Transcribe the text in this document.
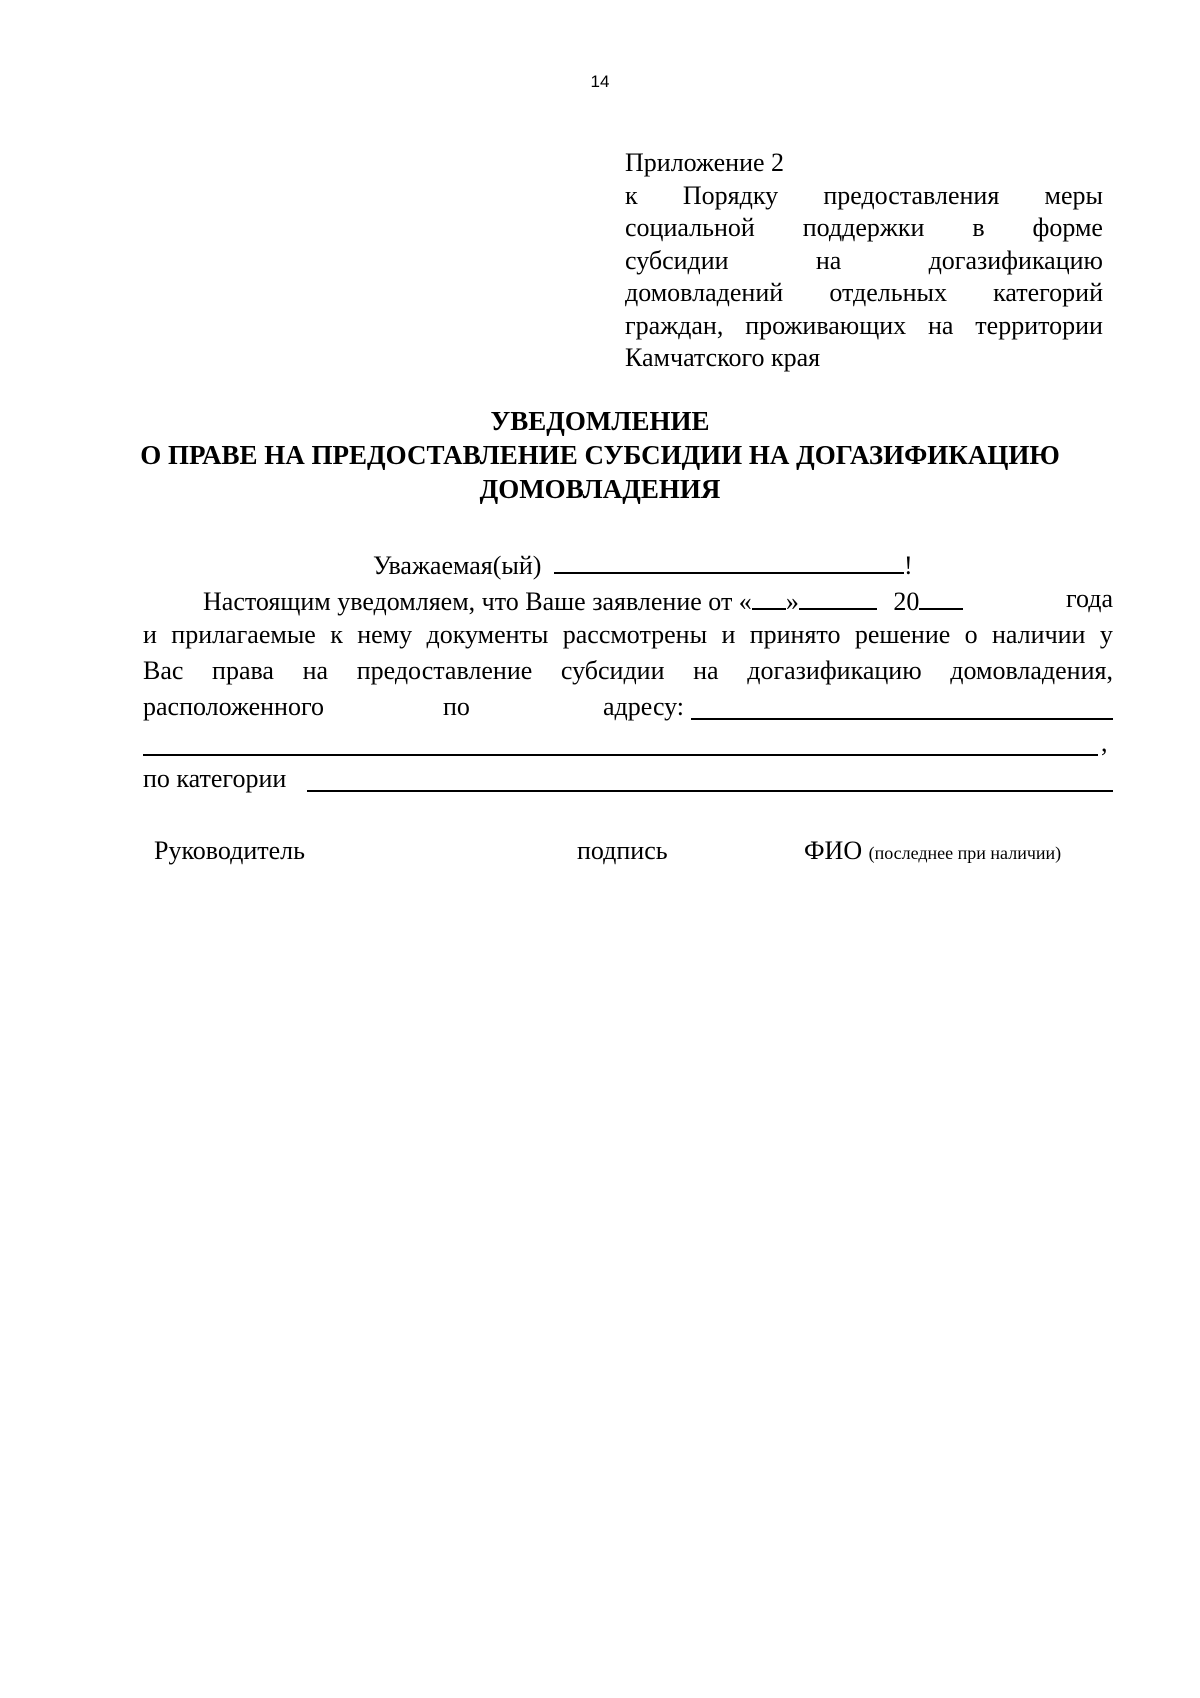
14
Приложение 2
к Порядку предоставления меры
социальной поддержки в форме
субсидии	на	догазификацию
домовладений отдельных категорий
граждан, проживающих на территории
Камчатского края
УВЕДОМЛЕНИЕ
О ПРАВЕ НА ПРЕДОСТАВЛЕНИЕ СУБСИДИИ НА ДОГАЗИФИКАЦИЮ
ДОМОВЛАДЕНИЯ
Уважаемая(ый)	!
Настоящим уведомляем, что Ваше заявление от « »	20	года
и прилагаемые к нему документы рассмотрены и принято решение о наличии у
Вас права на предоставление субсидии на догазификацию домовладения,
расположенного	по	адресу:
,
по категории
Руководитель	подпись	ФИО (последнее при наличии)
